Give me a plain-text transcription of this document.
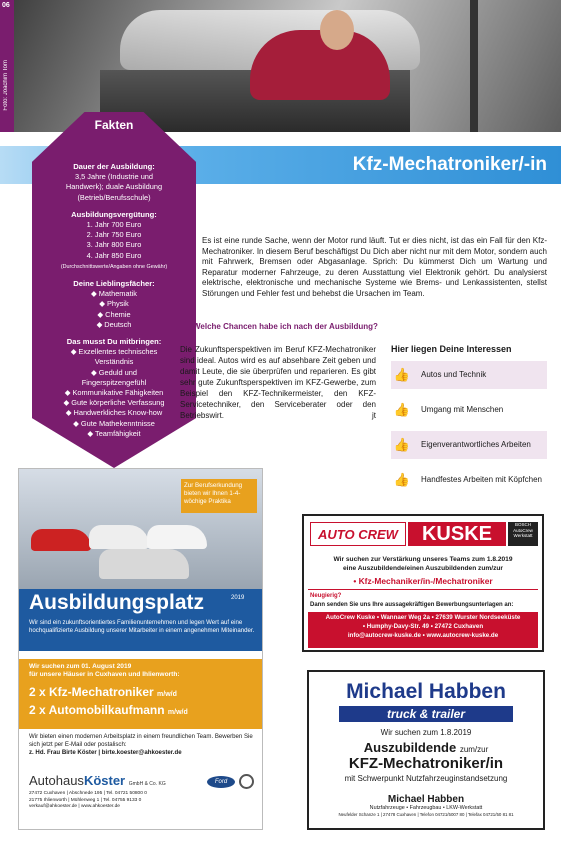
06
Foto: Joachim Tom
Kfz-Mechatroniker/-in
Fakten
Dauer der Ausbildung:

3,5 Jahre (Industrie und
Handwerk); duale Ausbildung
(Betrieb/Berufsschule)

Ausbildungsvergütung:

1. Jahr 700 Euro
2. Jahr 750 Euro
3. Jahr 800 Euro
4. Jahr 850 Euro
(Durchschnittswerte/Angaben ohne Gewähr)

Deine Lieblingsfächer:

◆ Mathematik
◆ Physik
◆ Chemie
◆ Deutsch

Das musst Du mitbringen:

◆ Exzellentes technisches
Verständnis
◆ Geduld und
Fingerspitzengefühl
◆ Kommunikative Fähigkeiten
◆ Gute körperliche Verfassung
◆ Handwerkliches Know-how
◆ Gute Mathekenntnisse
◆ Teamfähigkeit

Es ist eine runde Sache, wenn der Motor rund läuft. Tut er dies nicht, ist das ein Fall für den Kfz-Mechatroniker. In diesem Beruf beschäftigst Du Dich aber nicht nur mit dem Motor, sondern auch mit Fahrwerk, Bremsen oder Abgasanlage. Sprich: Du kümmerst Dich um Wartung und Reparatur moderner Fahrzeuge, zu deren Ausstattung viel Elektronik gehört. Du analysierst elektrische, elektronische und mechanische Systeme wie Brems- und Lenkassistenten, stellst Störungen und Fehler fest und behebst die Ursachen im Team.
Welche Chancen habe ich nach der Ausbildung?
Die Zukunftsperspektiven im Beruf KFZ-Mechatroniker sind ideal. Autos wird es auf absehbare Zeit geben und damit Leute, die sie überprüfen und reparieren. Es gibt sehr gute Zukunftsperspektiven im KFZ-Gewerbe, zum Beispiel den KFZ-Technikermeister, den KFZ-Servicetechniker, den Serviceberater oder den Betriebswirt.	jt
Hier liegen Deine Interessen
👍	Autos und Technik
👍	Umgang mit Menschen
👍	Eigenverantwortliches Arbeiten
👍	Handfestes Arbeiten mit Köpfchen
Zur Berufserkundung bieten wir Ihnen 1-4-wöchige Praktika
Ausbildungsplatz	2019
Wir sind ein zukunftsorientiertes Familienunternehmen und legen Wert auf eine hochqualifizierte Ausbildung unserer Mitarbeiter in einem angenehmen Miteinander.
Wir suchen zum 01. August 2019
für unsere Häuser in Cuxhaven und Ihlienworth:
2 x Kfz-Mechatroniker m/w/d
2 x Automobilkaufmann m/w/d
Wir bieten einen modernen Arbeitsplatz in einem freundlichen Team. Bewerben Sie sich jetzt per E-Mail oder postalisch:
z. Hd. Frau Birte Köster | birte.koester@ahkoester.de
AutohausKöster GmbH & Co. KG	Ford
27472 Cuxhaven | Abschnede 195 | Tel. 04721 50800 0
21775 Ihlienworth | Mühlenweg 1 | Tel. 04755 9133 0
verkauf@ahkoester.de | www.ahkoester.de
AUTO CREW	KUSKE	BOSCH AutoCrew Werkstatt
Wir suchen zur Verstärkung unseres Teams zum 1.8.2019
eine Auszubildende/einen Auszubildenden zum/zur
• Kfz-Mechaniker/in-/Mechatroniker
Neugierig?
Dann senden Sie uns Ihre aussagekräftigen Bewerbungsunterlagen an:
AutoCrew Kuske • Wannaer Weg 2a • 27639 Wurster Nordseeküste
• Humphy-Davy-Str. 49 • 27472 Cuxhaven
info@autocrew-kuske.de • www.autocrew-kuske.de
Michael Habben
truck & trailer
Wir suchen zum 1.8.2019
Auszubildende zum/zur
KFZ-Mechatroniker/in
mit Schwerpunkt Nutzfahrzeuginstandsetzung
Michael Habben
Nutzfahrzeuge • Fahrzeugbau • LKW-Werkstatt
Neufelder Schanze 1 | 27478 Cuxhaven | Telefon 04721/5007 80 | Telefax 04721/50 81 81
